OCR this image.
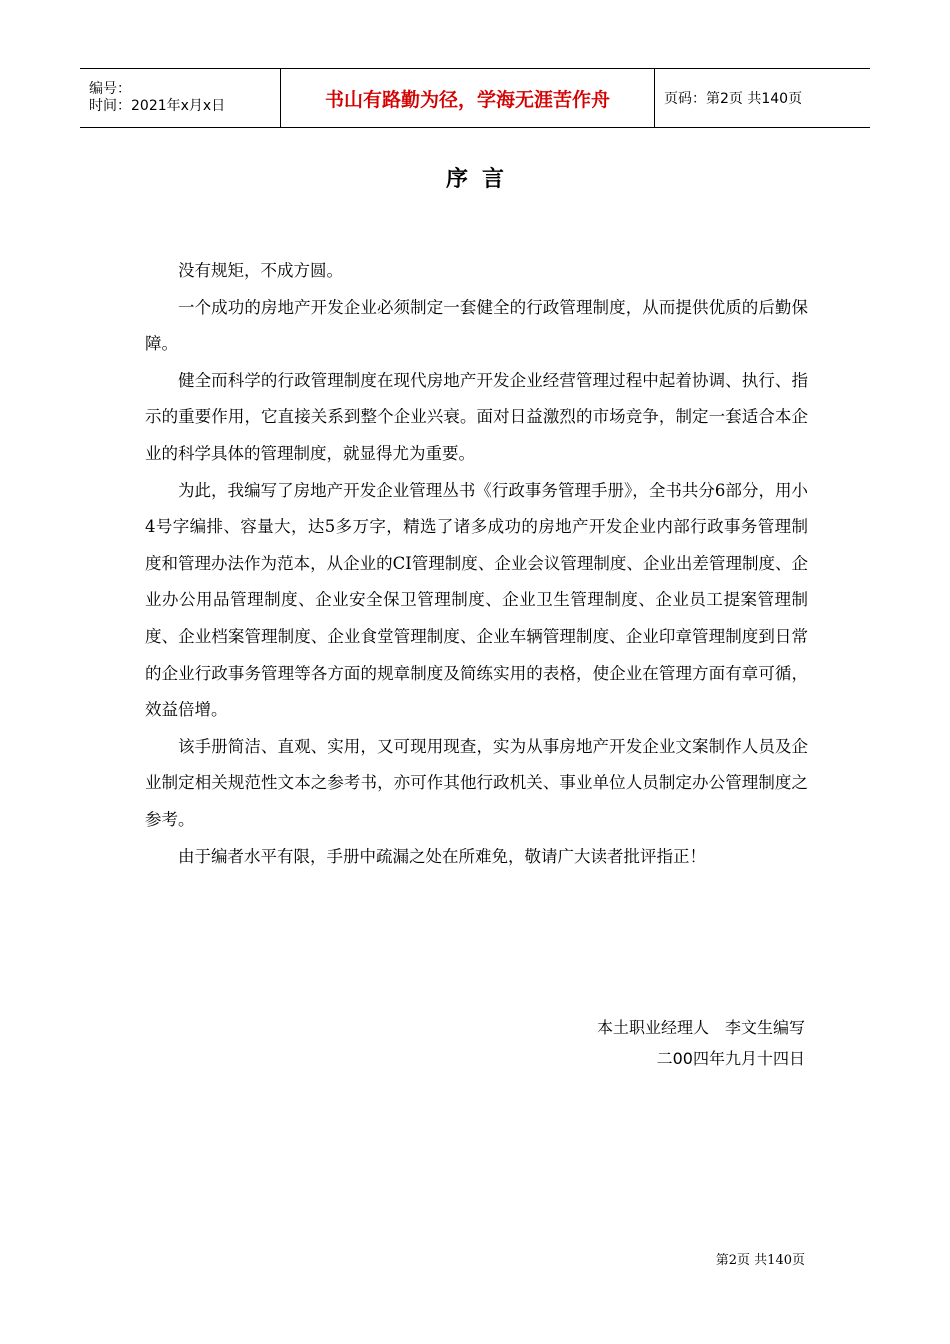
编号：
时间：2021年x月x日	书山有路勤为径，学海无涯苦作舟	页码：第2页 共140页
序言

没有规矩，不成方圆。

一个成功的房地产开发企业必须制定一套健全的行政管理制度，从而提供优质的后勤保障。

健全而科学的行政管理制度在现代房地产开发企业经营管理过程中起着协调、执行、指示的重要作用，它直接关系到整个企业兴衰。面对日益激烈的市场竞争，制定一套适合本企业的科学具体的管理制度，就显得尤为重要。

为此，我编写了房地产开发企业管理丛书《行政事务管理手册》，全书共分6部分，用小4号字编排、容量大，达5多万字，精选了诸多成功的房地产开发企业内部行政事务管理制度和管理办法作为范本，从企业的CI管理制度、企业会议管理制度、企业出差管理制度、企业办公用品管理制度、企业安全保卫管理制度、企业卫生管理制度、企业员工提案管理制度、企业档案管理制度、企业食堂管理制度、企业车辆管理制度、企业印章管理制度到日常的企业行政事务管理等各方面的规章制度及简练实用的表格，使企业在管理方面有章可循，效益倍增。

该手册简洁、直观、实用，又可现用现查，实为从事房地产开发企业文案制作人员及企业制定相关规范性文本之参考书，亦可作其他行政机关、事业单位人员制定办公管理制度之参考。

由于编者水平有限，手册中疏漏之处在所难免，敬请广大读者批评指正！

本土职业经理人　李文生编写
二00四年九月十四日
第2页 共140页
